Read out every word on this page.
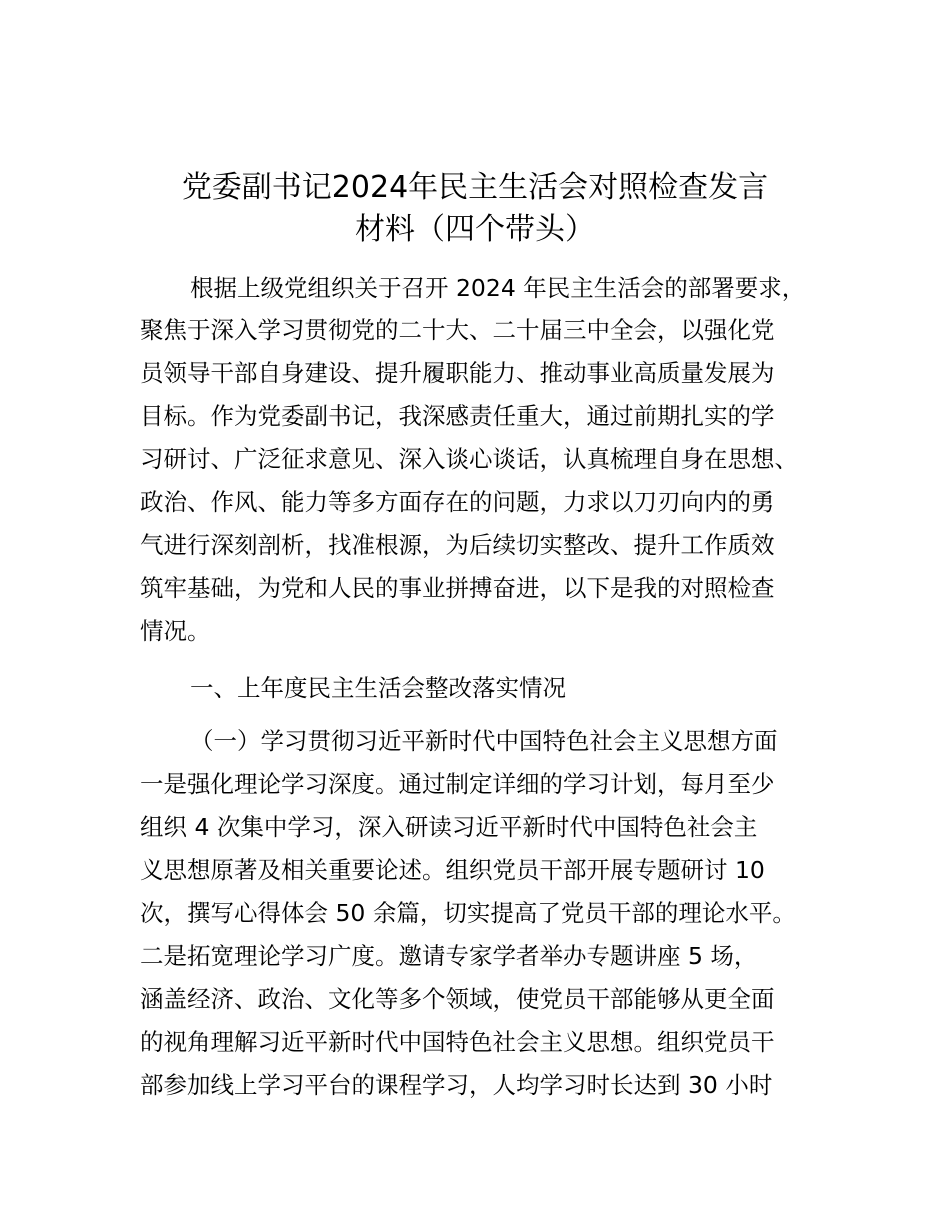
党委副书记2024年民主生活会对照检查发言
材料（四个带头）
根据上级党组织关于召开 2024 年民主生活会的部署要求，
聚焦于深入学习贯彻党的二十大、二十届三中全会，以强化党
员领导干部自身建设、提升履职能力、推动事业高质量发展为
目标。作为党委副书记，我深感责任重大，通过前期扎实的学
习研讨、广泛征求意见、深入谈心谈话，认真梳理自身在思想、
政治、作风、能力等多方面存在的问题，力求以刀刃向内的勇
气进行深刻剖析，找准根源，为后续切实整改、提升工作质效
筑牢基础，为党和人民的事业拼搏奋进，以下是我的对照检查
情况。
一、上年度民主生活会整改落实情况
（一）学习贯彻习近平新时代中国特色社会主义思想方面
一是强化理论学习深度。通过制定详细的学习计划，每月至少
组织 4 次集中学习，深入研读习近平新时代中国特色社会主
义思想原著及相关重要论述。组织党员干部开展专题研讨 10
次，撰写心得体会 50 余篇，切实提高了党员干部的理论水平。
二是拓宽理论学习广度。邀请专家学者举办专题讲座 5 场，
涵盖经济、政治、文化等多个领域，使党员干部能够从更全面
的视角理解习近平新时代中国特色社会主义思想。组织党员干
部参加线上学习平台的课程学习，人均学习时长达到 30 小时
